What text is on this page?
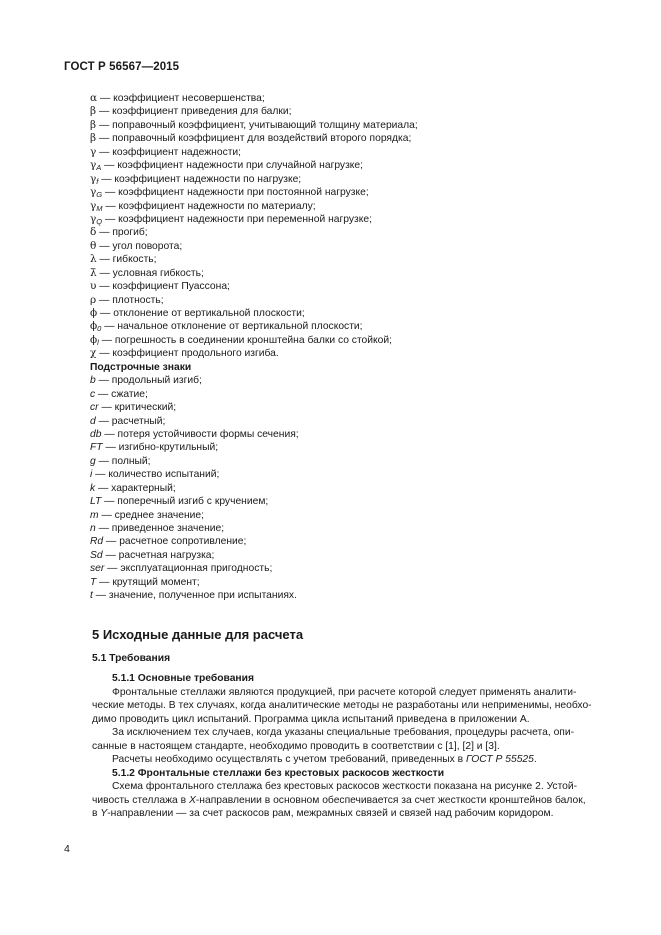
ГОСТ Р 56567—2015
α — коэффициент несовершенства;
β — коэффициент приведения для балки;
β — поправочный коэффициент, учитывающий толщину материала;
β — поправочный коэффициент для воздействий второго порядка;
γ — коэффициент надежности;
$\gamma_A$ — коэффициент надежности при случайной нагрузке;
$\gamma_f$ — коэффициент надежности по нагрузке;
$\gamma_G$ — коэффициент надежности при постоянной нагрузке;
$\gamma_M$ — коэффициент надежности по материалу;
$\gamma_Q$ — коэффициент надежности при переменной нагрузке;
δ — прогиб;
θ — угол поворота;
λ — гибкость;
λ̄ — условная гибкость;
υ — коэффициент Пуассона;
ρ — плотность;
ϕ — отклонение от вертикальной плоскости;
$\phi_0$ — начальное отклонение от вертикальной плоскости;
$\phi_l$ — погрешность в соединении кронштейна балки со стойкой;
χ — коэффициент продольного изгиба.
Подстрочные знаки
b — продольный изгиб;
c — сжатие;
cr — критический;
d — расчетный;
db — потеря устойчивости формы сечения;
FT — изгибно-крутильный;
g — полный;
i — количество испытаний;
k — характерный;
LT — поперечный изгиб с кручением;
m — среднее значение;
n — приведенное значение;
Rd — расчетное сопротивление;
Sd — расчетная нагрузка;
ser — эксплуатационная пригодность;
T — крутящий момент;
t — значение, полученное при испытаниях.
5 Исходные данные для расчета
5.1 Требования
5.1.1 Основные требования
Фронтальные стеллажи являются продукцией, при расчете которой следует применять аналити-
ческие методы. В тех случаях, когда аналитические методы не разработаны или неприменимы, необхо-
димо проводить цикл испытаний. Программа цикла испытаний приведена в приложении А.
За исключением тех случаев, когда указаны специальные требования, процедуры расчета, опи-
санные в настоящем стандарте, необходимо проводить в соответствии с [1], [2] и [3].
Расчеты необходимо осуществлять с учетом требований, приведенных в ГОСТ Р 55525.
5.1.2 Фронтальные стеллажи без крестовых раскосов жесткости
Схема фронтального стеллажа без крестовых раскосов жесткости показана на рисунке 2. Устой-
чивость стеллажа в X-направлении в основном обеспечивается за счет жесткости кронштейнов балок,
в Y-направлении — за счет раскосов рам, межрамных связей и связей над рабочим коридором.
4
